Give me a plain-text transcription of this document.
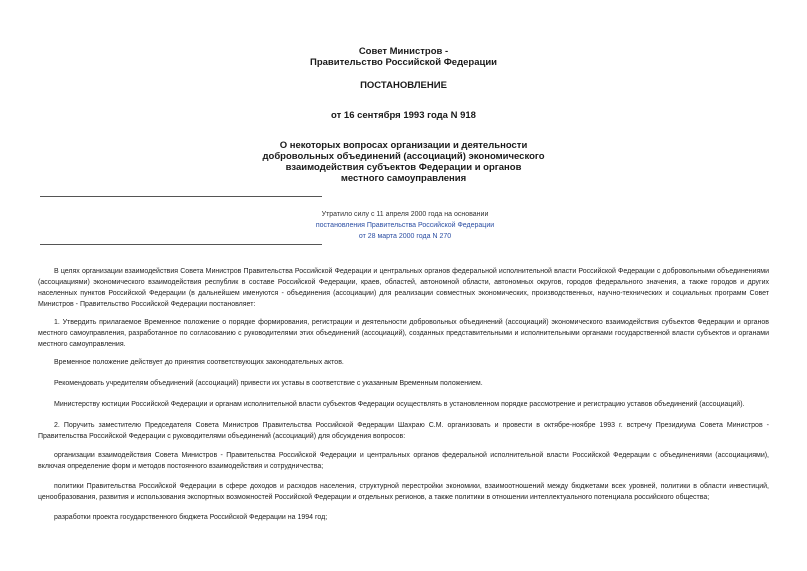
Совет Министров -
Правительство Российской Федерации
ПОСТАНОВЛЕНИЕ
от 16 сентября 1993 года N 918
О некоторых вопросах организации и деятельности
добровольных объединений (ассоциаций) экономического
взаимодействия субъектов Федерации и органов
местного самоуправления
Утратило силу с 11 апреля 2000 года на основании
постановления Правительства Российской Федерации
от 28 марта 2000 года N 270
В целях организации взаимодействия Совета Министров Правительства Российской Федерации и центральных органов федеральной исполнительной власти Российской Федерации с добровольными объединениями (ассоциациями) экономического взаимодействия республик в составе Российской Федерации, краев, областей, автономной области, автономных округов, городов федерального значения, а также городов и других населенных пунктов Российской Федерации (в дальнейшем именуются - объединения (ассоциации) для реализации совместных экономических, производственных, научно-технических и социальных программ Совет Министров - Правительство Российской Федерации постановляет:
1. Утвердить прилагаемое Временное положение о порядке формирования, регистрации и деятельности добровольных объединений (ассоциаций) экономического взаимодействия субъектов Федерации и органов местного самоуправления, разработанное по согласованию с руководителями этих объединений (ассоциаций), созданных представительными и исполнительными органами государственной власти субъектов и органами местного самоуправления.
Временное положение действует до принятия соответствующих законодательных актов.
Рекомендовать учредителям объединений (ассоциаций) привести их уставы в соответствие с указанным Временным положением.
Министерству юстиции Российской Федерации и органам исполнительной власти субъектов Федерации осуществлять в установленном порядке рассмотрение и регистрацию уставов объединений (ассоциаций).
2. Поручить заместителю Председателя Совета Министров Правительства Российской Федерации Шахраю С.М. организовать и провести в октябре-ноябре 1993 г. встречу Президиума Совета Министров - Правительства Российской Федерации с руководителями объединений (ассоциаций) для обсуждения вопросов:
организации взаимодействия Совета Министров - Правительства Российской Федерации и центральных органов федеральной исполнительной власти Российской Федерации с объединениями (ассоциациями), включая определение форм и методов постоянного взаимодействия и сотрудничества;
политики Правительства Российской Федерации в сфере доходов и расходов населения, структурной перестройки экономики, взаимоотношений между бюджетами всех уровней, политики в области инвестиций, ценообразования, развития и использования экспортных возможностей Российской Федерации и отдельных регионов, а также политики в отношении интеллектуального потенциала российского общества;
разработки проекта государственного бюджета Российской Федерации на 1994 год;
